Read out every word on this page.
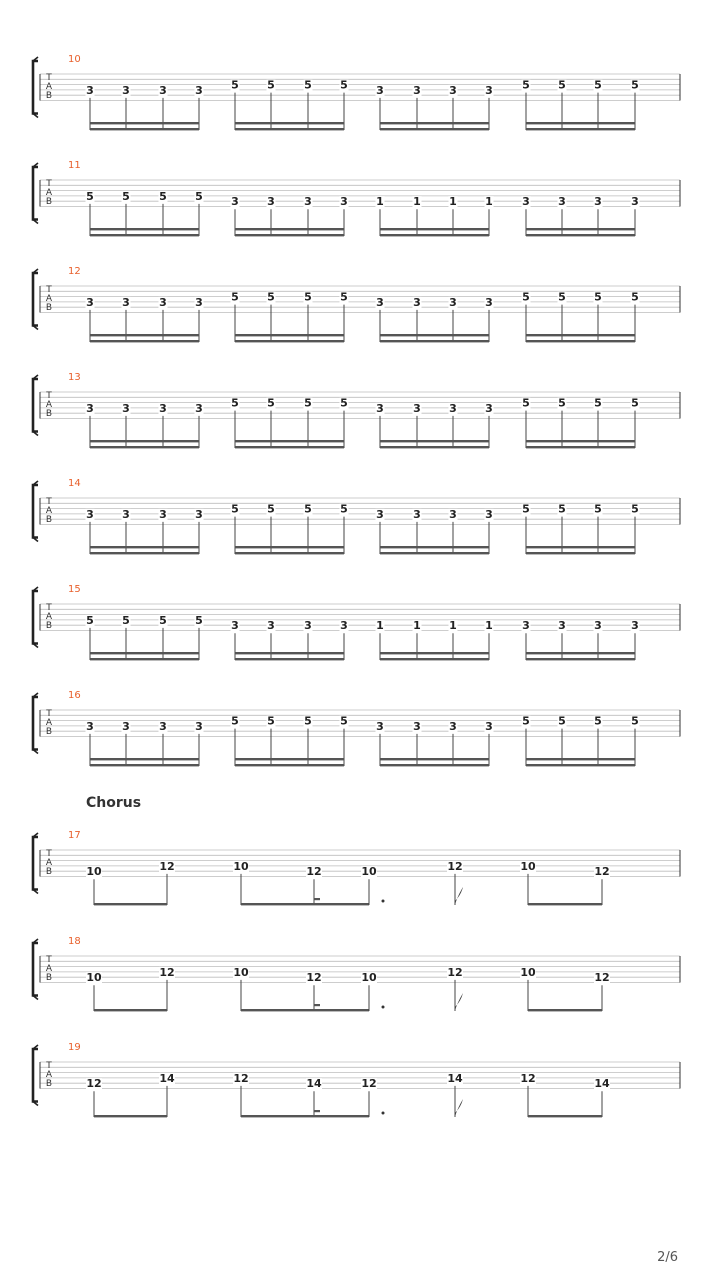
10
T
A
B	3	3	3	3	5	5	5	5	3	3	3	3	5	5	5	5
11
T
A
B	5	5	5	5	3	3	3	3	1	1	1	1	3	3	3	3
12
T
A
B	3	3	3	3	5	5	5	5	3	3	3	3	5	5	5	5
13
T
A
B	3	3	3	3	5	5	5	5	3	3	3	3	5	5	5	5
14
T
A
B	3	3	3	3	5	5	5	5	3	3	3	3	5	5	5	5
15
T
A
B	5	5	5	5	3	3	3	3	1	1	1	1	3	3	3	3
16
T
A
B	3	3	3	3	5	5	5	5	3	3	3	3	5	5	5	5
17
T
A
B	10	12	10	12	10	12	10	12
18
T
A
B	10	12	10	12	10	12	10	12
19
T
A
B	12	14	12	14	12	14	12	14
Chorus
2/6
